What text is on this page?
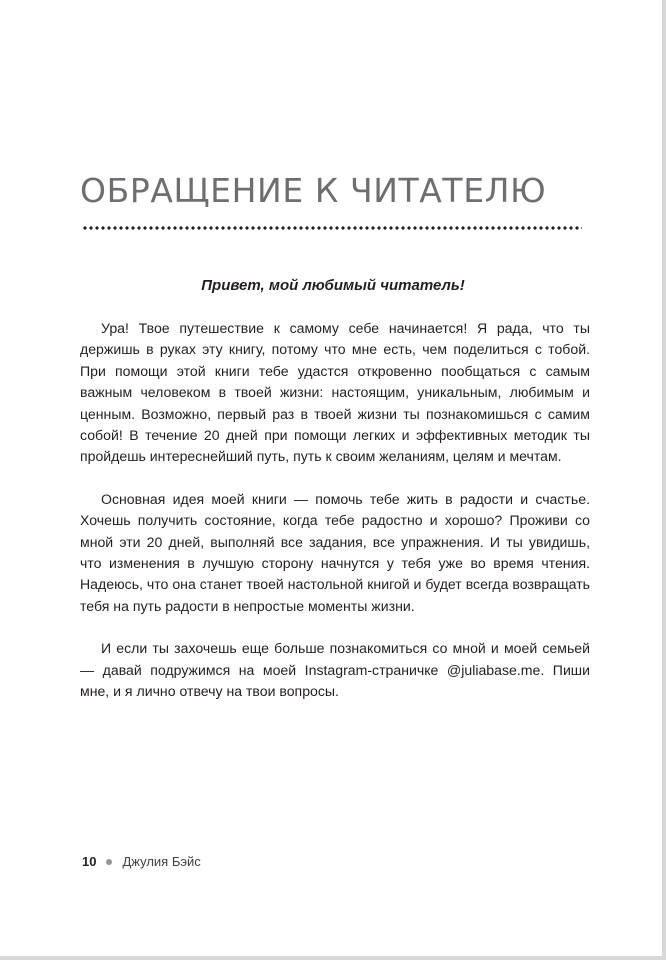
ОБРАЩЕНИЕ К ЧИТАТЕЛЮ

Привет, мой любимый читатель!

Ура! Твое путешествие к самому себе начинается! Я рада, что ты держишь в руках эту книгу, потому что мне есть, чем поделиться с тобой. При помощи этой книги тебе удастся откровенно пообщаться с самым важным человеком в твоей жизни: настоящим, уникальным, любимым и ценным. Возможно, первый раз в твоей жизни ты познакомишься с самим собой! В течение 20 дней при помощи легких и эффективных методик ты пройдешь интереснейший путь, путь к своим желаниям, целям и мечтам.

Основная идея моей книги — помочь тебе жить в радости и счастье. Хочешь получить состояние, когда тебе радостно и хорошо? Проживи со мной эти 20 дней, выполняй все задания, все упражнения. И ты увидишь, что изменения в лучшую сторону начнутся у тебя уже во время чтения. Надеюсь, что она станет твоей настольной книгой и будет всегда возвращать тебя на путь радости в непростые моменты жизни.

И если ты захочешь еще больше познакомиться со мной и моей семьей — давай подружимся на моей Instagram-страничке @juliabase.me. Пиши мне, и я лично отвечу на твои вопросы.

10 Джулия Бэйс
